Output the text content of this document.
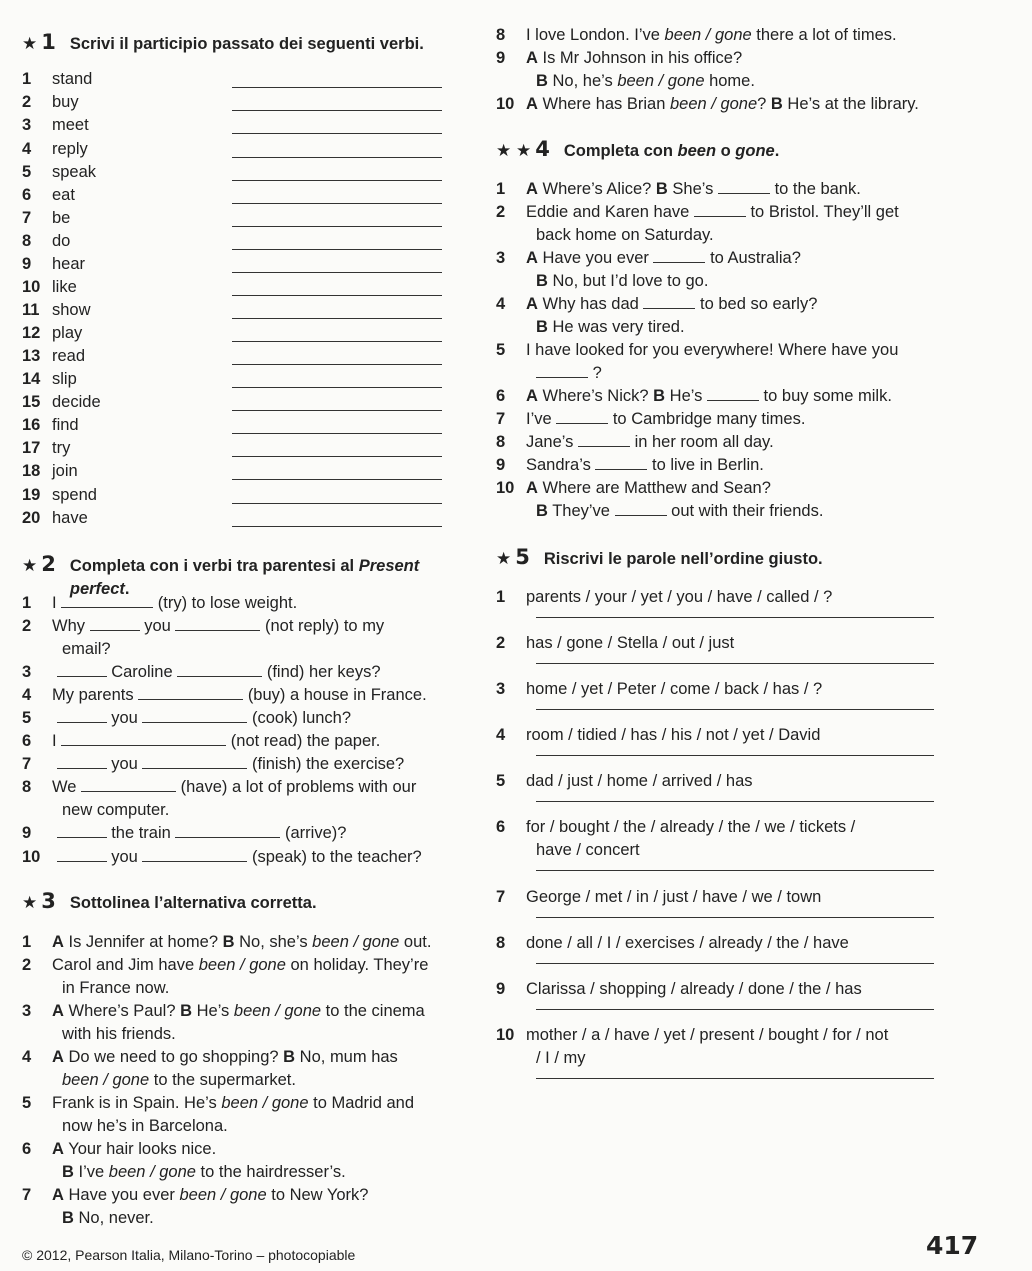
★ 1 Scrivi il participio passato dei seguenti verbi.
1 stand
2 buy
3 meet
4 reply
5 speak
6 eat
7 be
8 do
9 hear
10 like
11 show
12 play
13 read
14 slip
15 decide
16 find
17 try
18 join
19 spend
20 have
★ 2 Completa con i verbi tra parentesi al Present perfect.
1 I	(try) to lose weight.
2 Why	you	(not reply) to my
email?
3	Caroline	(find) her keys?
4 My parents	(buy) a house in France.
5	you	(cook) lunch?
6 I	(not read) the paper.
7	you	(finish) the exercise?
8 We	(have) a lot of problems with our
new computer.
9	the train	(arrive)?
10	you	(speak) to the teacher?
★ 3 Sottolinea l’alternativa corretta.
1 A Is Jennifer at home? B No, she’s been / gone out.
2 Carol and Jim have been / gone on holiday. They’re
in France now.
3 A Where’s Paul? B He’s been / gone to the cinema
with his friends.
4 A Do we need to go shopping? B No, mum has
been / gone to the supermarket.
5 Frank is in Spain. He’s been / gone to Madrid and
now he’s in Barcelona.
6 A Your hair looks nice.
B I’ve been / gone to the hairdresser’s.
7 A Have you ever been / gone to New York?
B No, never.
8 I love London. I’ve been / gone there a lot of times.
9 A Is Mr Johnson in his office?
B No, he’s been / gone home.
10 A Where has Brian been / gone? B He’s at the library.
★ ★ 4 Completa con been o gone.
1 A Where’s Alice? B She’s	to the bank.
2 Eddie and Karen have	to Bristol. They’ll get
back home on Saturday.
3 A Have you ever	to Australia?
B No, but I’d love to go.
4 A Why has dad	to bed so early?
B He was very tired.
5 I have looked for you everywhere! Where have you
?
6 A Where’s Nick? B He’s	to buy some milk.
7 I’ve	to Cambridge many times.
8 Jane’s	in her room all day.
9 Sandra’s	to live in Berlin.
10 A Where are Matthew and Sean?
B They’ve	out with their friends.
★ 5 Riscrivi le parole nell’ordine giusto.
1 parents / your / yet / you / have / called / ?
2 has / gone / Stella / out / just
3 home / yet / Peter / come / back / has / ?
4 room / tidied / has / his / not / yet / David
5 dad / just / home / arrived / has
6 for / bought / the / already / the / we / tickets /
have / concert
7 George / met / in / just / have / we / town
8 done / all / I / exercises / already / the / have
9 Clarissa / shopping / already / done / the / has
10 mother / a / have / yet / present / bought / for / not
/ I / my
© 2012, Pearson Italia, Milano-Torino – photocopiable	417
